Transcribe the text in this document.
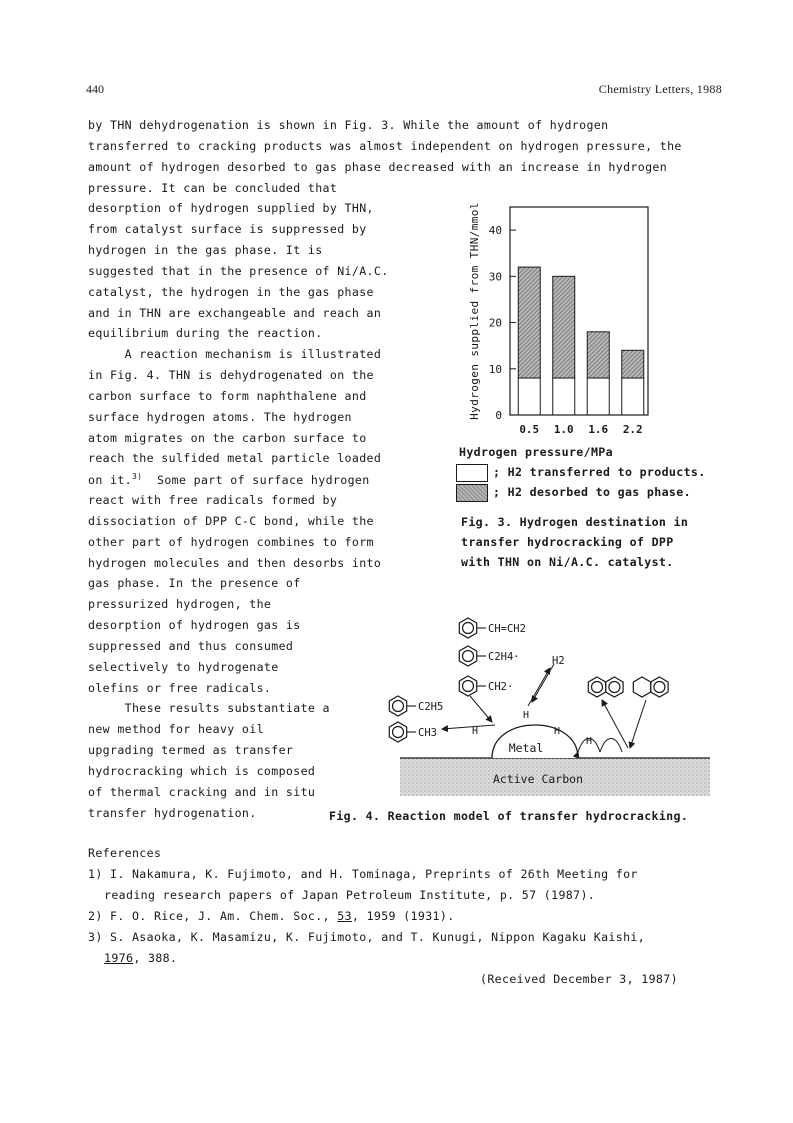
440	Chemistry Letters, 1988
by THN dehydrogenation is shown in Fig. 3. While the amount of hydrogen
transferred to cracking products was almost independent on hydrogen pressure, the
amount of hydrogen desorbed to gas phase decreased with an increase in hydrogen
pressure. It can be concluded that
desorption of hydrogen supplied by THN,
from catalyst surface is suppressed by
hydrogen in the gas phase. It is
suggested that in the presence of Ni/A.C.
catalyst, the hydrogen in the gas phase
and in THN are exchangeable and reach an
equilibrium during the reaction.
A reaction mechanism is illustrated
in Fig. 4. THN is dehydrogenated on the
carbon surface to form naphthalene and
surface hydrogen atoms. The hydrogen
atom migrates on the carbon surface to
reach the sulfided metal particle loaded
on it.$^{3)}$ Some part of surface hydrogen
react with free radicals formed by
dissociation of DPP C-C bond, while the
other part of hydrogen combines to form
hydrogen molecules and then desorbs into
gas phase. In the presence of
pressurized hydrogen, the
desorption of hydrogen gas is
suppressed and thus consumed
selectively to hydrogenate
olefins or free radicals.
These results substantiate a
new method for heavy oil
upgrading termed as transfer
hydrocracking which is composed
of thermal cracking and in situ
transfer hydrogenation.
0
10
20
30
40
0.5 1.0 1.6 2.2
Hydrogen supplied from THN/mmol
Hydrogen pressure/MPa
; H2 transferred to products.
; H2 desorbed to gas phase.
Fig. 3. Hydrogen destination in
transfer hydrocracking of DPP
with THN on Ni/A.C. catalyst.
Active Carbon
Metal
CH=CH2
C2H4·
CH2·
C2H5
CH3
H2
H
H
H
H
Fig. 4. Reaction model of transfer hydrocracking.
References
1) I. Nakamura, K. Fujimoto, and H. Tominaga, Preprints of 26th Meeting for
reading research papers of Japan Petroleum Institute, p. 57 (1987).
2) F. O. Rice, J. Am. Chem. Soc., 53, 1959 (1931).
3) S. Asaoka, K. Masamizu, K. Fujimoto, and T. Kunugi, Nippon Kagaku Kaishi,
1976, 388.
(Received December 3, 1987)
